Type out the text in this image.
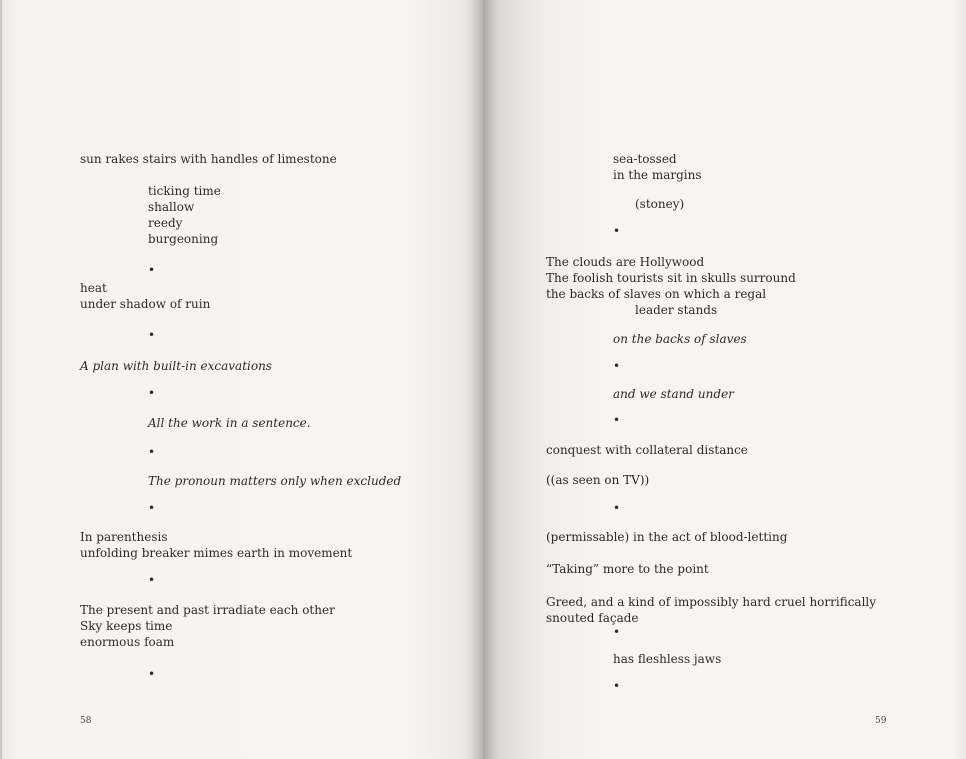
sun rakes stairs with handles of limestone
ticking time
shallow
reedy
burgeoning
•
heat
under shadow of ruin
•
A plan with built-in excavations
•
All the work in a sentence.
•
The pronoun matters only when excluded
•
In parenthesis
unfolding breaker mimes earth in movement
•
The present and past irradiate each other
Sky keeps time
enormous foam
•
58
sea-tossed
in the margins
(stoney)
•
The clouds are Hollywood
The foolish tourists sit in skulls surround
the backs of slaves on which a regal
leader stands
on the backs of slaves
•
and we stand under
•
conquest with collateral distance
((as seen on TV))
•
(permissable) in the act of blood-letting
“Taking” more to the point
Greed, and a kind of impossibly hard cruel horrifically
snouted façade
•
has fleshless jaws
•
59
